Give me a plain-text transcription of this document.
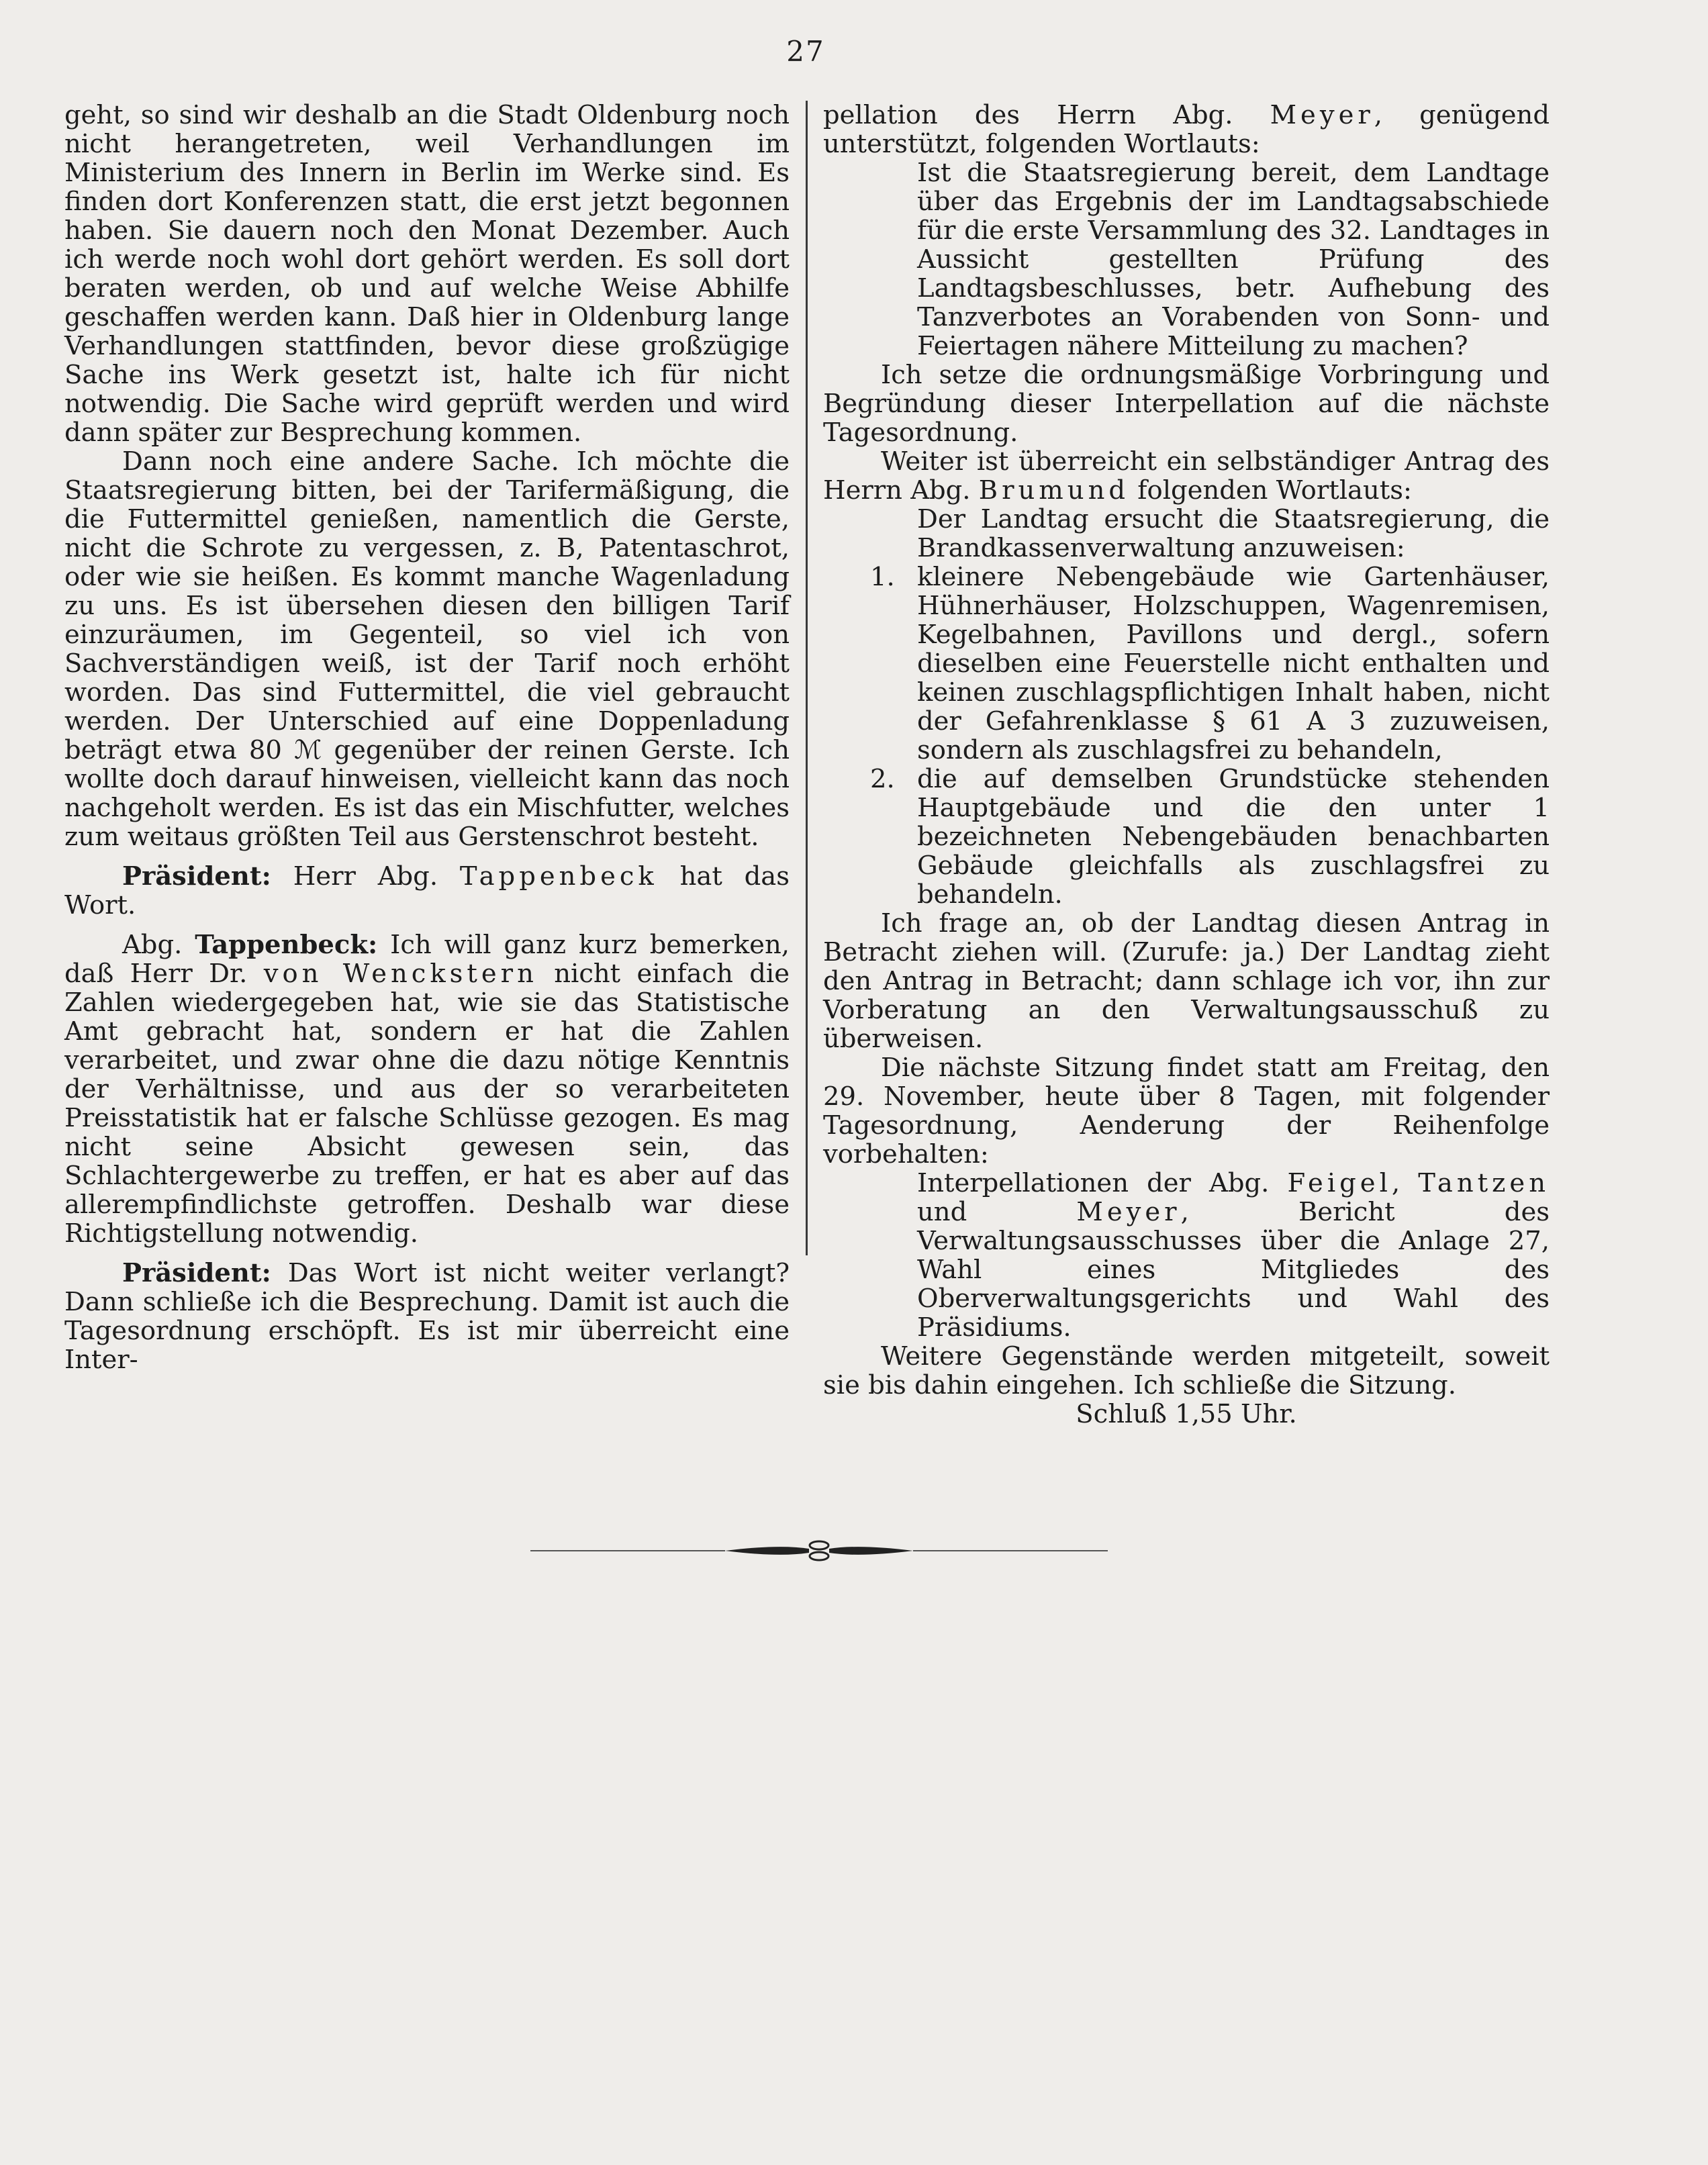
27

geht, so sind wir deshalb an die Stadt Oldenburg noch nicht herangetreten, weil Verhandlungen im Ministerium des Innern in Berlin im Werke sind. Es finden dort Konferenzen statt, die erst jetzt begonnen haben. Sie dauern noch den Monat Dezember. Auch ich werde noch wohl dort gehört werden. Es soll dort beraten werden, ob und auf welche Weise Abhilfe geschaffen werden kann. Daß hier in Oldenburg lange Verhandlungen stattfinden, bevor diese großzügige Sache ins Werk gesetzt ist, halte ich für nicht notwendig. Die Sache wird geprüft werden und wird dann später zur Besprechung kommen.

Dann noch eine andere Sache. Ich möchte die Staatsregierung bitten, bei der Tarifermäßigung, die die Futtermittel genießen, namentlich die Gerste, nicht die Schrote zu vergessen, z. B, Patentaschrot, oder wie sie heißen. Es kommt manche Wagenladung zu uns. Es ist übersehen diesen den billigen Tarif einzuräumen, im Gegenteil, so viel ich von Sachverständigen weiß, ist der Tarif noch erhöht worden. Das sind Futtermittel, die viel gebraucht werden. Der Unterschied auf eine Doppenladung beträgt etwa 80 ℳ gegenüber der reinen Gerste. Ich wollte doch darauf hinweisen, vielleicht kann das noch nachgeholt werden. Es ist das ein Mischfutter, welches zum weitaus größten Teil aus Gerstenschrot besteht.

Präsident: Herr Abg. Tappenbeck hat das Wort.

Abg. Tappenbeck: Ich will ganz kurz bemerken, daß Herr Dr. von Wenckstern nicht einfach die Zahlen wiedergegeben hat, wie sie das Statistische Amt gebracht hat, sondern er hat die Zahlen verarbeitet, und zwar ohne die dazu nötige Kenntnis der Verhältnisse, und aus der so verarbeiteten Preisstatistik hat er falsche Schlüsse gezogen. Es mag nicht seine Absicht gewesen sein, das Schlachtergewerbe zu treffen, er hat es aber auf das allerempfindlichste getroffen. Deshalb war diese Richtigstellung notwendig.

Präsident: Das Wort ist nicht weiter verlangt? Dann schließe ich die Besprechung. Damit ist auch die Tagesordnung erschöpft. Es ist mir überreicht eine Inter-

pellation des Herrn Abg. Meyer, genügend unterstützt, folgenden Wortlauts:

Ist die Staatsregierung bereit, dem Landtage über das Ergebnis der im Landtagsabschiede für die erste Versammlung des 32. Landtages in Aussicht gestellten Prüfung des Landtagsbeschlusses, betr. Aufhebung des Tanzverbotes an Vorabenden von Sonn- und Feiertagen nähere Mitteilung zu machen?

Ich setze die ordnungsmäßige Vorbringung und Begründung dieser Interpellation auf die nächste Tagesordnung.

Weiter ist überreicht ein selbständiger Antrag des Herrn Abg. Brumund folgenden Wortlauts:

Der Landtag ersucht die Staatsregierung, die Brandkassenverwaltung anzuweisen:

1. kleinere Nebengebäude wie Gartenhäuser, Hühnerhäuser, Holzschuppen, Wagenremisen, Kegelbahnen, Pavillons und dergl., sofern dieselben eine Feuerstelle nicht enthalten und keinen zuschlagspflichtigen Inhalt haben, nicht der Gefahrenklasse § 61 A 3 zuzuweisen, sondern als zuschlagsfrei zu behandeln,
2. die auf demselben Grundstücke stehenden Hauptgebäude und die den unter 1 bezeichneten Nebengebäuden benachbarten Gebäude gleichfalls als zuschlagsfrei zu behandeln.

Ich frage an, ob der Landtag diesen Antrag in Betracht ziehen will. (Zurufe: ja.) Der Landtag zieht den Antrag in Betracht; dann schlage ich vor, ihn zur Vorberatung an den Verwaltungsausschuß zu überweisen.

Die nächste Sitzung findet statt am Freitag, den 29. November, heute über 8 Tagen, mit folgender Tagesordnung, Aenderung der Reihenfolge vorbehalten:

Interpellationen der Abg. Feigel, Tantzen und Meyer, Bericht des Verwaltungsausschusses über die Anlage 27, Wahl eines Mitgliedes des Oberverwaltungsgerichts und Wahl des Präsidiums.

Weitere Gegenstände werden mitgeteilt, soweit sie bis dahin eingehen. Ich schließe die Sitzung.

Schluß 1,55 Uhr.
